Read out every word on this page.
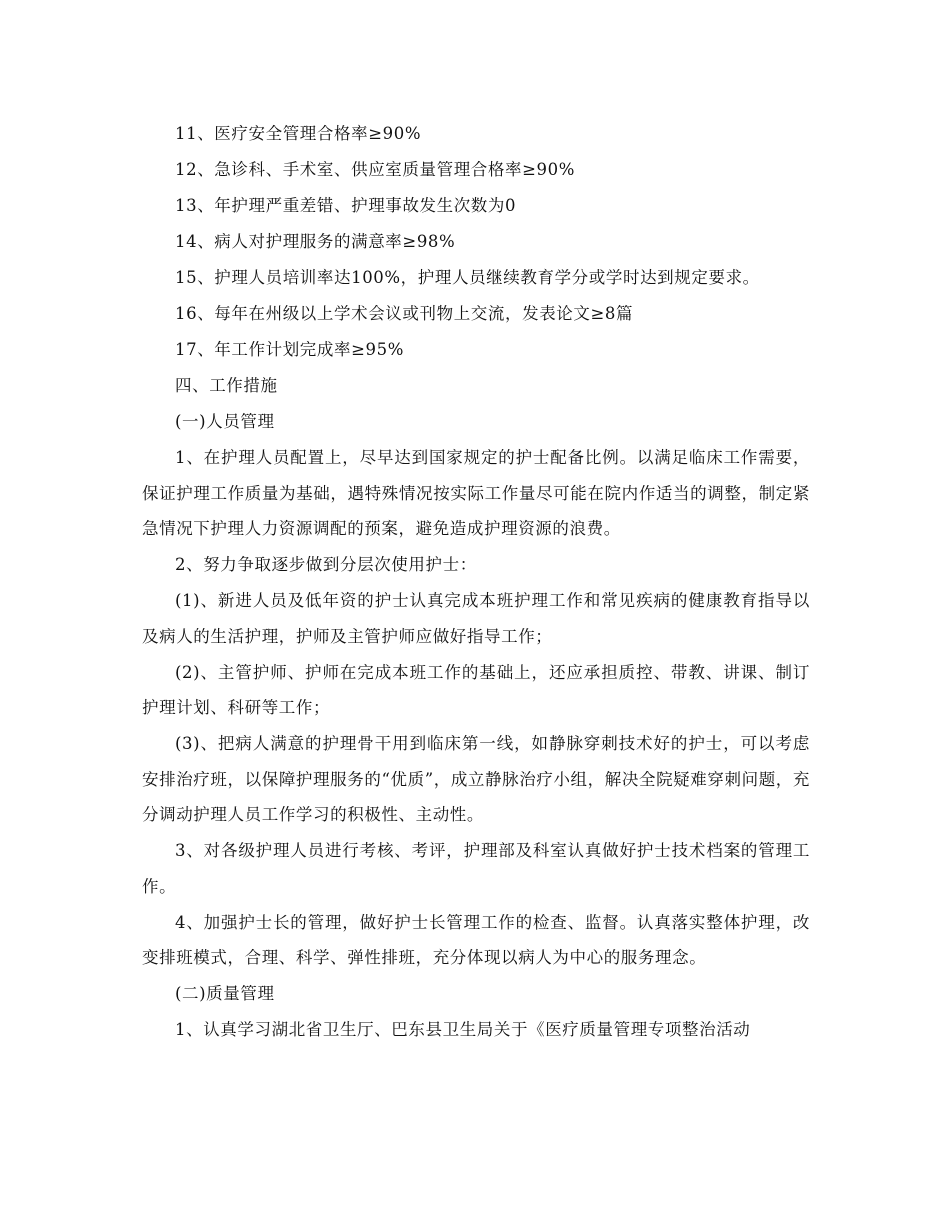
11、医疗安全管理合格率≥90%

12、急诊科、手术室、供应室质量管理合格率≥90%

13、年护理严重差错、护理事故发生次数为0

14、病人对护理服务的满意率≥98%

15、护理人员培训率达100%，护理人员继续教育学分或学时达到规定要求。

16、每年在州级以上学术会议或刊物上交流，发表论文≥8篇

17、年工作计划完成率≥95%

四、工作措施

(一)人员管理

1、在护理人员配置上，尽早达到国家规定的护士配备比例。以满足临床工作需要，保证护理工作质量为基础，遇特殊情况按实际工作量尽可能在院内作适当的调整，制定紧急情况下护理人力资源调配的预案，避免造成护理资源的浪费。

2、努力争取逐步做到分层次使用护士：

(1)、新进人员及低年资的护士认真完成本班护理工作和常见疾病的健康教育指导以及病人的生活护理，护师及主管护师应做好指导工作；

(2)、主管护师、护师在完成本班工作的基础上，还应承担质控、带教、讲课、制订护理计划、科研等工作；

(3)、把病人满意的护理骨干用到临床第一线，如静脉穿刺技术好的护士，可以考虑安排治疗班，以保障护理服务的“优质”，成立静脉治疗小组，解决全院疑难穿刺问题，充分调动护理人员工作学习的积极性、主动性。

3、对各级护理人员进行考核、考评，护理部及科室认真做好护士技术档案的管理工作。

4、加强护士长的管理，做好护士长管理工作的检查、监督。认真落实整体护理，改变排班模式，合理、科学、弹性排班，充分体现以病人为中心的服务理念。

(二)质量管理

1、认真学习湖北省卫生厅、巴东县卫生局关于《医疗质量管理专项整治活动
